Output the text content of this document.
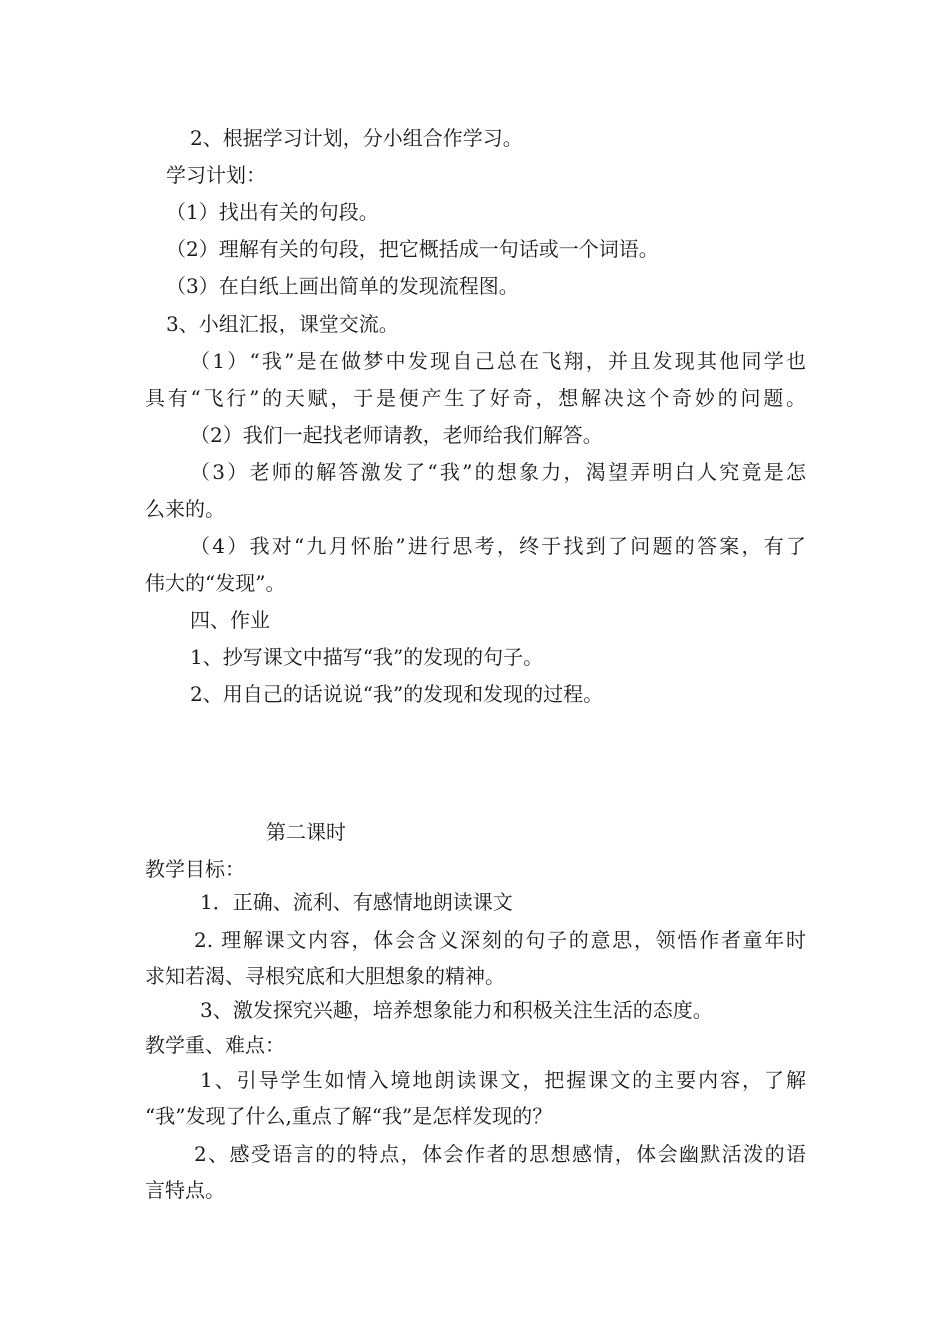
2、根据学习计划，分小组合作学习。

学习计划：

（1）找出有关的句段。

（2）理解有关的句段，把它概括成一句话或一个词语。

（3）在白纸上画出简单的发现流程图。

3、小组汇报，课堂交流。

（1）“我”是在做梦中发现自己总在飞翔，并且发现其他同学也

具有“飞行”的天赋，于是便产生了好奇，想解决这个奇妙的问题。

（2）我们一起找老师请教，老师给我们解答。

（3）老师的解答激发了“我”的想象力，渴望弄明白人究竟是怎

么来的。

（4）我对“九月怀胎”进行思考，终于找到了问题的答案，有了

伟大的“发现”。

四、作业

1、抄写课文中描写“我”的发现的句子。

2、用自己的话说说“我”的发现和发现的过程。

第二课时

教学目标：

1．正确、流利、有感情地朗读课文

2. 理解课文内容，体会含义深刻的句子的意思，领悟作者童年时

求知若渴、寻根究底和大胆想象的精神。

3、激发探究兴趣，培养想象能力和积极关注生活的态度。

教学重、难点：

1、引导学生如情入境地朗读课文，把握课文的主要内容，了解

“我”发现了什么,重点了解“我”是怎样发现的？

2、感受语言的的特点，体会作者的思想感情，体会幽默活泼的语

言特点。
